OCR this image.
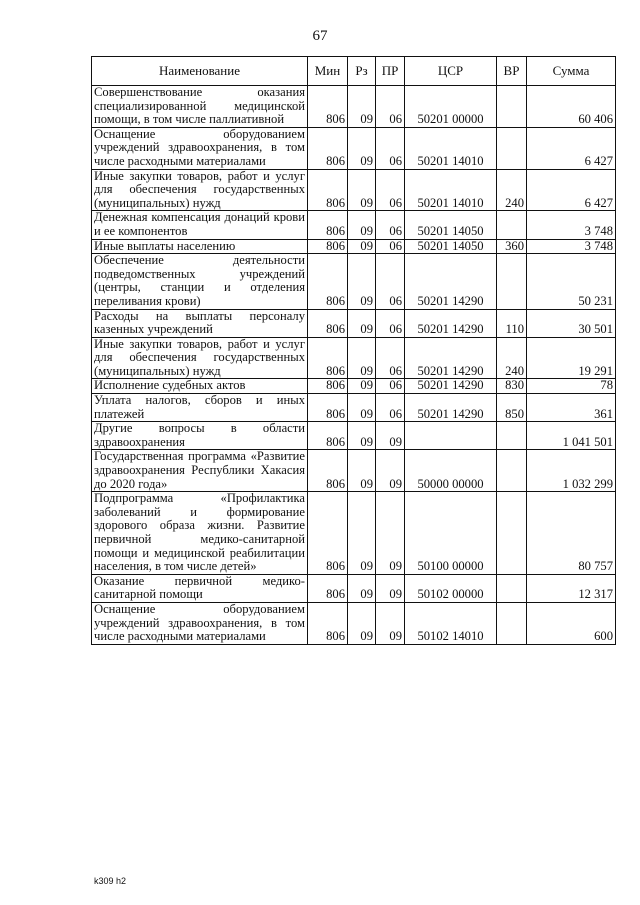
67
Наименование	Мин	Рз	ПР	ЦСР	ВР	Сумма
Совершенствование оказания специализированной медицинской помощи, в том числе паллиативной	806	09	06	50201 00000		60 406
Оснащение оборудованием учреждений здравоохранения, в том числе расходными материалами	806	09	06	50201 14010		6 427
Иные закупки товаров, работ и услуг для обеспечения государственных (муниципальных) нужд	806	09	06	50201 14010	240	6 427
Денежная компенсация донаций крови и ее компонентов	806	09	06	50201 14050		3 748
Иные выплаты населению	806	09	06	50201 14050	360	3 748
Обеспечение деятельности подведомственных учреждений (центры, станции и отделения переливания крови)	806	09	06	50201 14290		50 231
Расходы на выплаты персоналу казенных учреждений	806	09	06	50201 14290	110	30 501
Иные закупки товаров, работ и услуг для обеспечения государственных (муниципальных) нужд	806	09	06	50201 14290	240	19 291
Исполнение судебных актов	806	09	06	50201 14290	830	78
Уплата налогов, сборов и иных платежей	806	09	06	50201 14290	850	361
Другие вопросы в области здравоохранения	806	09	09			1 041 501
Государственная программа «Развитие здравоохранения Республики Хакасия до 2020 года»	806	09	09	50000 00000		1 032 299
Подпрограмма «Профилактика заболеваний и формирование здорового образа жизни. Развитие первичной медико-санитарной помощи и медицинской реабилитации населения, в том числе детей»	806	09	09	50100 00000		80 757
Оказание первичной медико-санитарной помощи	806	09	09	50102 00000		12 317
Оснащение оборудованием учреждений здравоохранения, в том числе расходными материалами	806	09	09	50102 14010		600
k309 h2
